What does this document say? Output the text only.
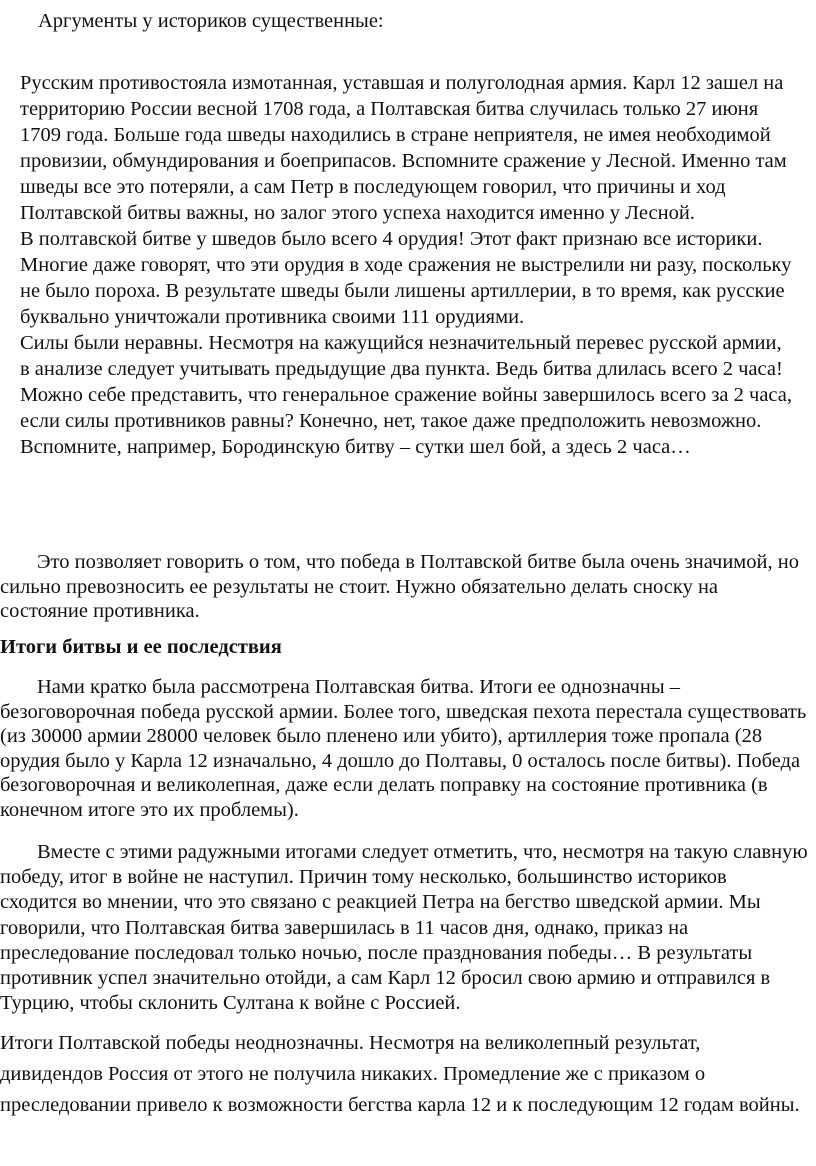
Аргументы у историков существенные:

Русским противостояла измотанная, уставшая и полуголодная армия. Карл 12 зашел на территорию России весной 1708 года, а Полтавская битва случилась только 27 июня 1709 года. Больше года шведы находились в стране неприятеля, не имея необходимой провизии, обмундирования и боеприпасов. Вспомните сражение у Лесной. Именно там шведы все это потеряли, а сам Петр в последующем говорил, что причины и ход Полтавской битвы важны, но залог этого успеха находится именно у Лесной.

В полтавской битве у шведов было всего 4 орудия! Этот факт признаю все историки. Многие даже говорят, что эти орудия в ходе сражения не выстрелили ни разу, поскольку не было пороха. В результате шведы были лишены артиллерии, в то время, как русские буквально уничтожали противника своими 111 орудиями.

Силы были неравны. Несмотря на кажущийся незначительный перевес русской армии, в анализе следует учитывать предыдущие два пункта. Ведь битва длилась всего 2 часа! Можно себе представить, что генеральное сражение войны завершилось всего за 2 часа, если силы противников равны? Конечно, нет, такое даже предположить невозможно. Вспомните, например, Бородинскую битву – сутки шел бой, а здесь 2 часа…

Это позволяет говорить о том, что победа в Полтавской битве была очень значимой, но сильно превозносить ее результаты не стоит. Нужно обязательно делать сноску на состояние противника.

Итоги битвы и ее последствия

Нами кратко была рассмотрена Полтавская битва. Итоги ее однозначны – безоговорочная победа русской армии. Более того, шведская пехота перестала существовать (из 30000 армии 28000 человек было пленено или убито), артиллерия тоже пропала (28 орудия было у Карла 12 изначально, 4 дошло до Полтавы, 0 осталось после битвы). Победа безоговорочная и великолепная, даже если делать поправку на состояние противника (в конечном итоге это их проблемы).

Вместе с этими радужными итогами следует отметить, что, несмотря на такую славную победу, итог в войне не наступил. Причин тому несколько, большинство историков сходится во мнении, что это связано с реакцией Петра на бегство шведской армии. Мы говорили, что Полтавская битва завершилась в 11 часов дня, однако, приказ на преследование последовал только ночью, после празднования победы… В результаты противник успел значительно отойди, а сам Карл 12 бросил свою армию и отправился в Турцию, чтобы склонить Султана к войне с Россией.

Итоги Полтавской победы неоднозначны. Несмотря на великолепный результат, дивидендов Россия от этого не получила никаких. Промедление же с приказом о преследовании привело к возможности бегства карла 12 и к последующим 12 годам войны.
